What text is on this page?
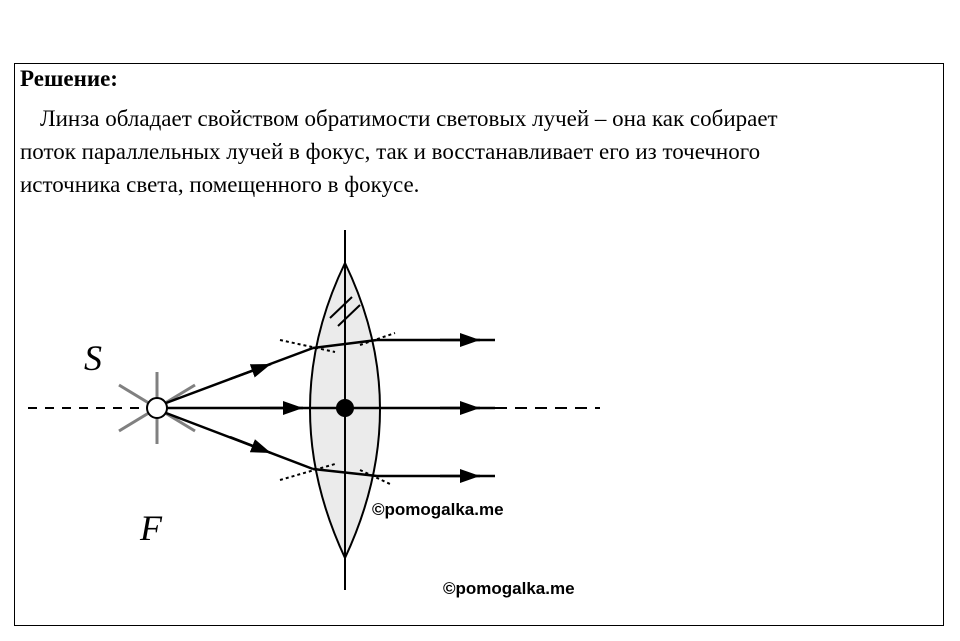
Решение:
Линза обладает свойством обратимости световых лучей – она как собирает
поток параллельных лучей в фокус, так и восстанавливает его из точечного
источника света, помещенного в фокусе.
S
F	©pomogalka.me
©pomogalka.me
